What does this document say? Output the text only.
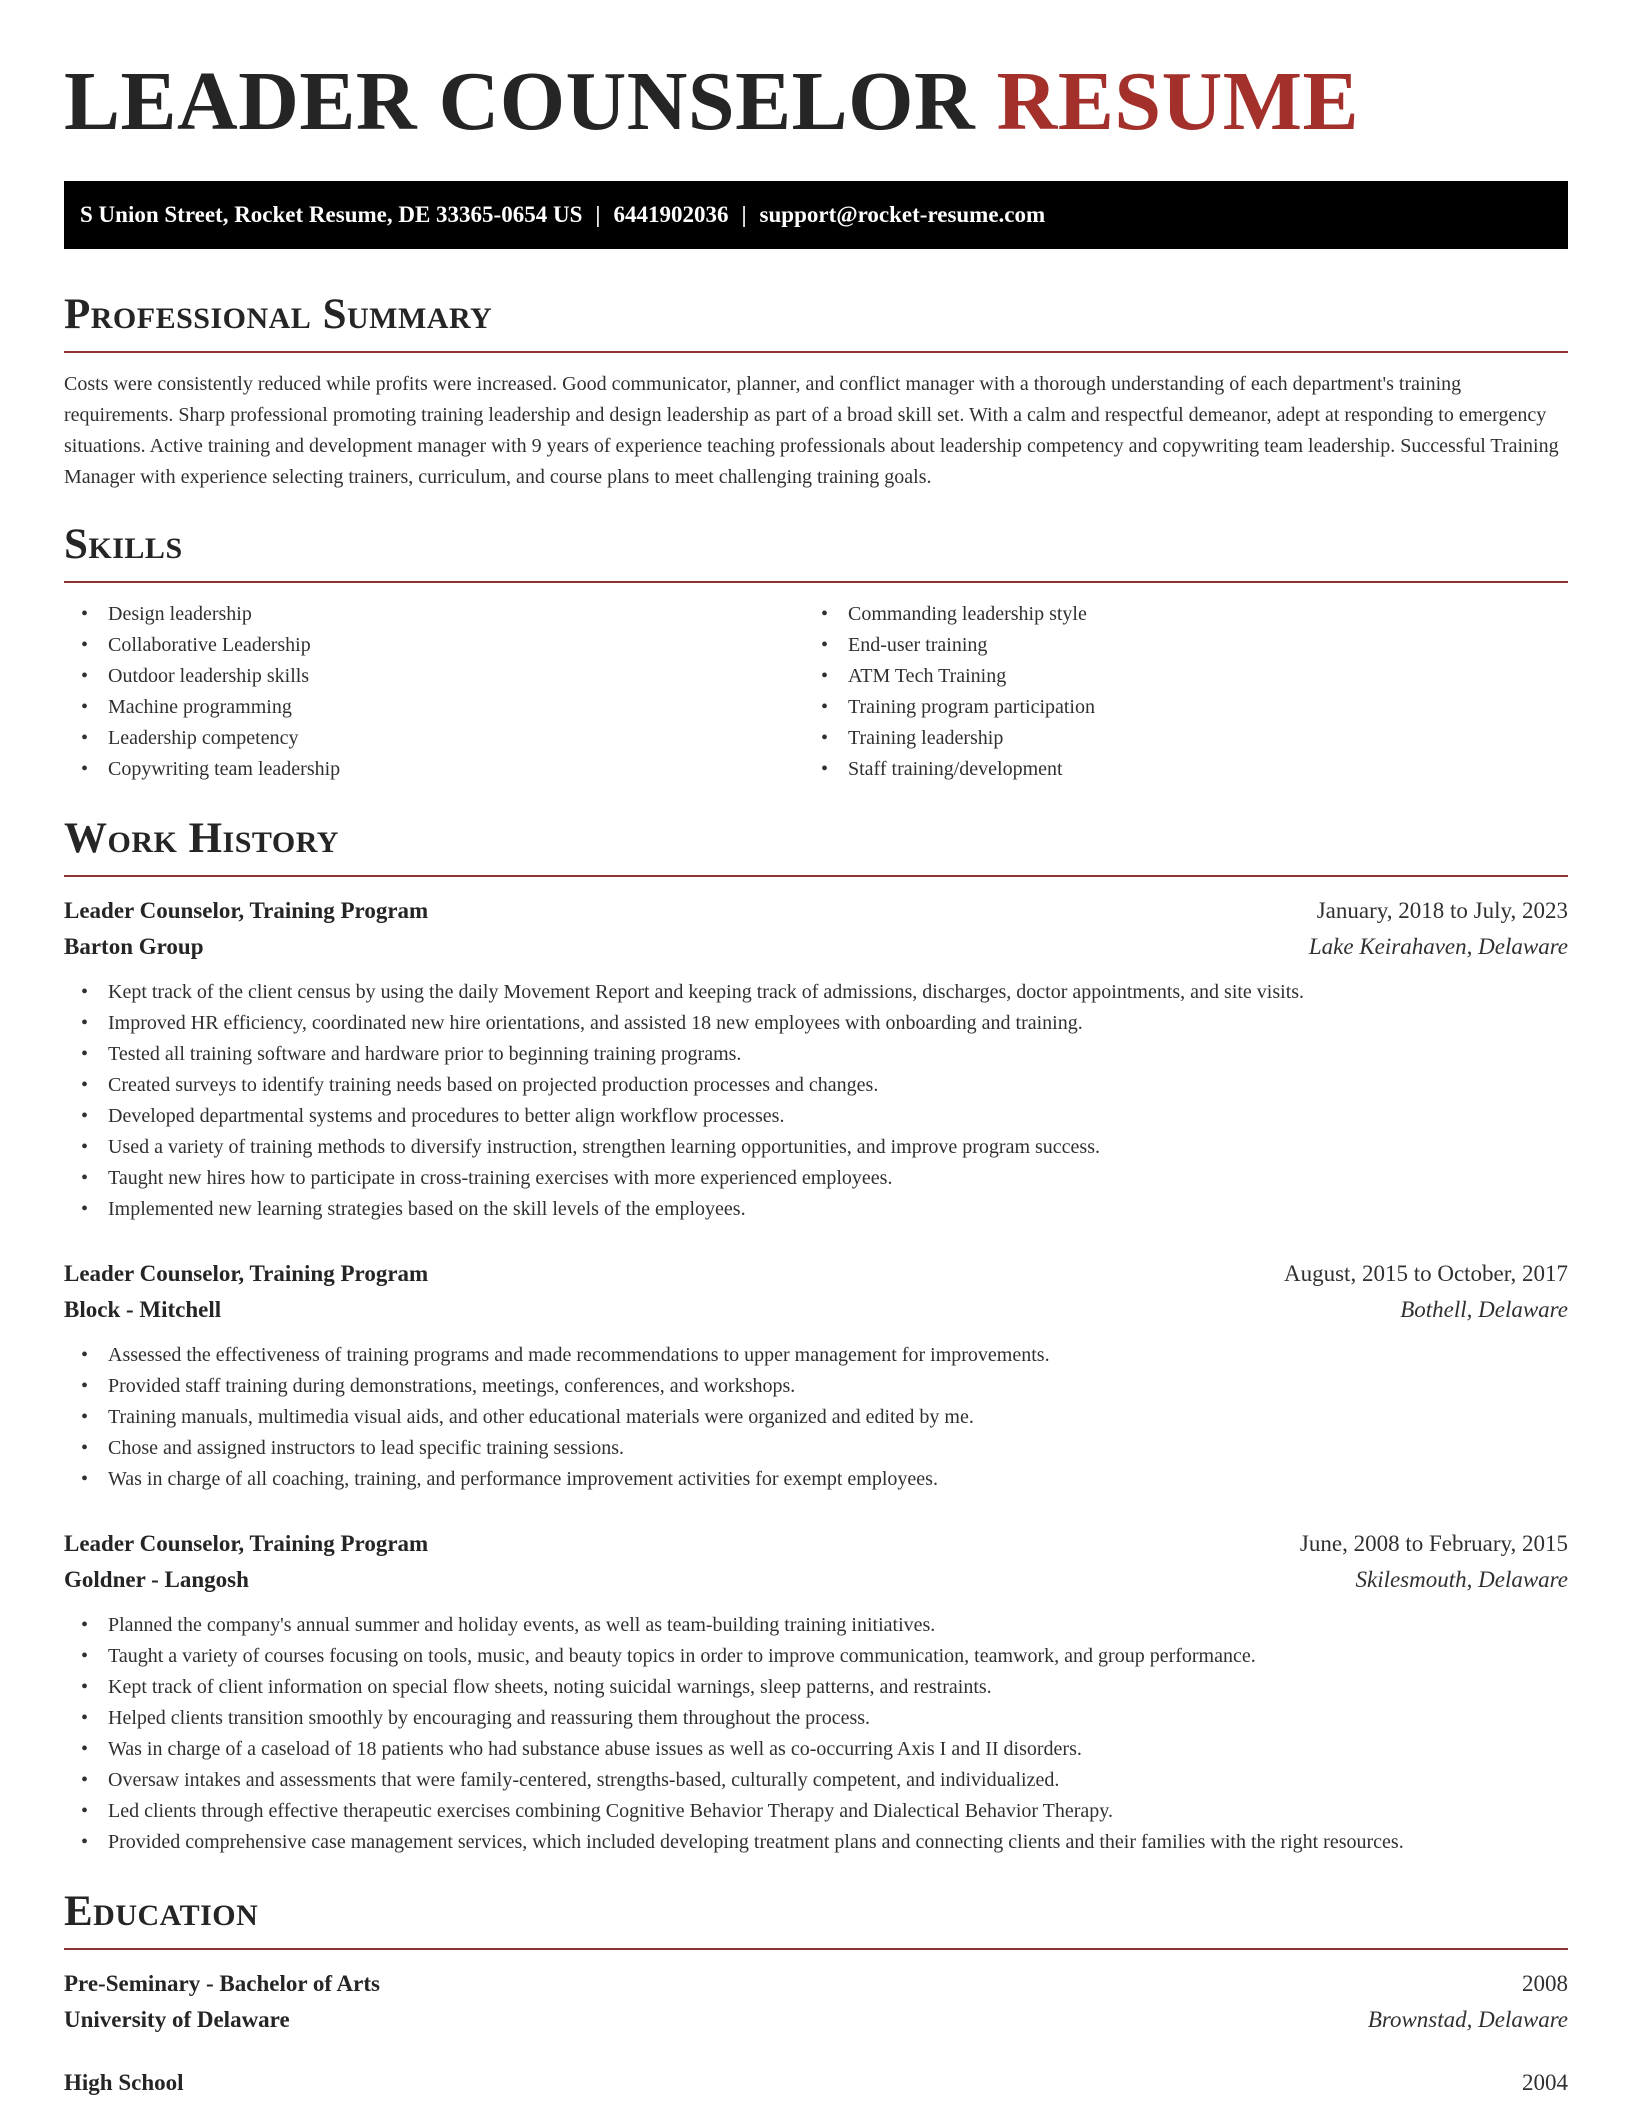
LEADER COUNSELOR RESUME
S Union Street, Rocket Resume, DE 33365-0654 US | 6441902036 | support@rocket-resume.com
Professional Summary

Costs were consistently reduced while profits were increased. Good communicator, planner, and conflict manager with a thorough understanding of each department's training requirements. Sharp professional promoting training leadership and design leadership as part of a broad skill set. With a calm and respectful demeanor, adept at responding to emergency situations. Active training and development manager with 9 years of experience teaching professionals about leadership competency and copywriting team leadership. Successful Training Manager with experience selecting trainers, curriculum, and course plans to meet challenging training goals.

Skills
• Design leadership
• Collaborative Leadership
• Outdoor leadership skills
• Machine programming
• Leadership competency
• Copywriting team leadership
• Commanding leadership style
• End-user training
• ATM Tech Training
• Training program participation
• Training leadership
• Staff training/development
Work History
Leader Counselor, Training Program	January, 2018 to July, 2023
Barton Group	Lake Keirahaven, Delaware
• Kept track of the client census by using the daily Movement Report and keeping track of admissions, discharges, doctor appointments, and site visits.
• Improved HR efficiency, coordinated new hire orientations, and assisted 18 new employees with onboarding and training.
• Tested all training software and hardware prior to beginning training programs.
• Created surveys to identify training needs based on projected production processes and changes.
• Developed departmental systems and procedures to better align workflow processes.
• Used a variety of training methods to diversify instruction, strengthen learning opportunities, and improve program success.
• Taught new hires how to participate in cross-training exercises with more experienced employees.
• Implemented new learning strategies based on the skill levels of the employees.
Leader Counselor, Training Program	August, 2015 to October, 2017
Block - Mitchell	Bothell, Delaware
• Assessed the effectiveness of training programs and made recommendations to upper management for improvements.
• Provided staff training during demonstrations, meetings, conferences, and workshops.
• Training manuals, multimedia visual aids, and other educational materials were organized and edited by me.
• Chose and assigned instructors to lead specific training sessions.
• Was in charge of all coaching, training, and performance improvement activities for exempt employees.
Leader Counselor, Training Program	June, 2008 to February, 2015
Goldner - Langosh	Skilesmouth, Delaware
• Planned the company's annual summer and holiday events, as well as team-building training initiatives.
• Taught a variety of courses focusing on tools, music, and beauty topics in order to improve communication, teamwork, and group performance.
• Kept track of client information on special flow sheets, noting suicidal warnings, sleep patterns, and restraints.
• Helped clients transition smoothly by encouraging and reassuring them throughout the process.
• Was in charge of a caseload of 18 patients who had substance abuse issues as well as co-occurring Axis I and II disorders.
• Oversaw intakes and assessments that were family-centered, strengths-based, culturally competent, and individualized.
• Led clients through effective therapeutic exercises combining Cognitive Behavior Therapy and Dialectical Behavior Therapy.
• Provided comprehensive case management services, which included developing treatment plans and connecting clients and their families with the right resources.
Education
Pre-Seminary - Bachelor of Arts	2008
University of Delaware	Brownstad, Delaware
High School	2004
